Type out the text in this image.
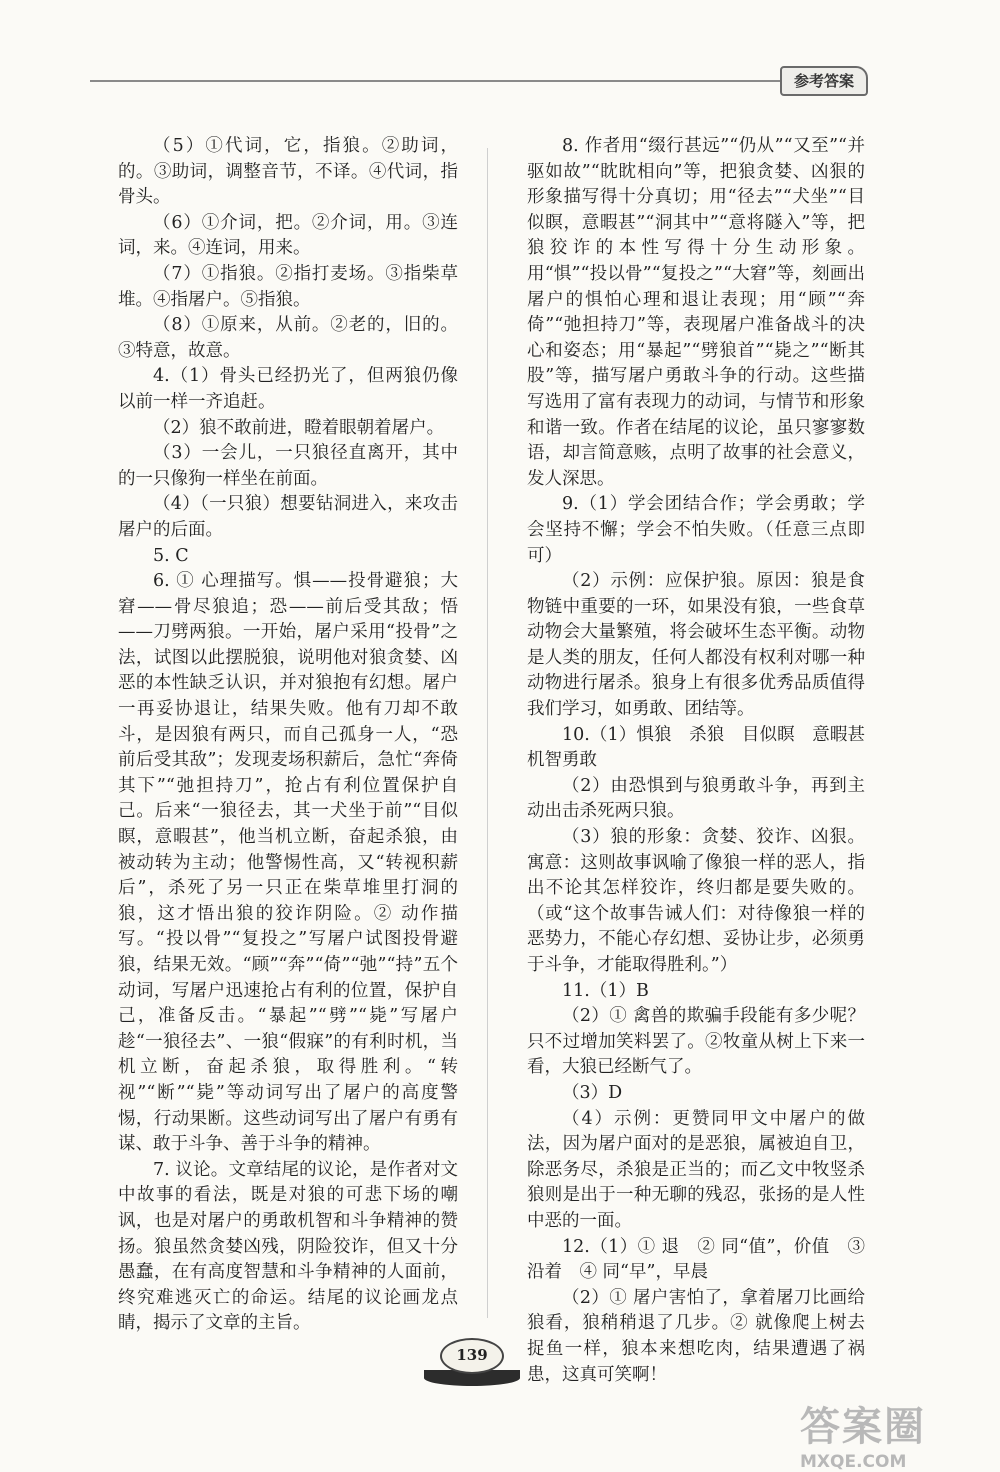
参考答案

（5）①代词，它，指狼。②助词，的。③助词，调整音节，不译。④代词，指骨头。

（6）①介词，把。②介词，用。③连词，来。④连词，用来。

（7）①指狼。②指打麦场。③指柴草堆。④指屠户。⑤指狼。

（8）①原来，从前。②老的，旧的。③特意，故意。

4.（1）骨头已经扔光了，但两狼仍像以前一样一齐追赶。

（2）狼不敢前进，瞪着眼朝着屠户。

（3）一会儿，一只狼径直离开，其中的一只像狗一样坐在前面。

（4）（一只狼）想要钻洞进入，来攻击屠户的后面。

5. C

6. ① 心理描写。惧——投骨避狼；大窘——骨尽狼追；恐——前后受其敌；悟——刀劈两狼。一开始，屠户采用“投骨”之法，试图以此摆脱狼，说明他对狼贪婪、凶恶的本性缺乏认识，并对狼抱有幻想。屠户一再妥协退让，结果失败。他有刀却不敢斗，是因狼有两只，而自己孤身一人，“恐前后受其敌”；发现麦场积薪后，急忙“奔倚其下”“弛担持刀”，抢占有利位置保护自己。后来“一狼径去，其一犬坐于前”“目似瞑，意暇甚”，他当机立断，奋起杀狼，由被动转为主动；他警惕性高，又“转视积薪后”，杀死了另一只正在柴草堆里打洞的狼，这才悟出狼的狡诈阴险。② 动作描写。“投以骨”“复投之”写屠户试图投骨避狼，结果无效。“顾”“奔”“倚”“弛”“持”五个动词，写屠户迅速抢占有利的位置，保护自己，准备反击。“暴起”“劈”“毙”写屠户趁“一狼径去”、一狼“假寐”的有利时机，当机立断，奋起杀狼，取得胜利。“转视”“断”“毙”等动词写出了屠户的高度警惕，行动果断。这些动词写出了屠户有勇有谋、敢于斗争、善于斗争的精神。

7. 议论。文章结尾的议论，是作者对文中故事的看法，既是对狼的可悲下场的嘲讽，也是对屠户的勇敢机智和斗争精神的赞扬。狼虽然贪婪凶残，阴险狡诈，但又十分愚蠢，在有高度智慧和斗争精神的人面前，终究难逃灭亡的命运。结尾的议论画龙点睛，揭示了文章的主旨。

8. 作者用“缀行甚远”“仍从”“又至”“并驱如故”“眈眈相向”等，把狼贪婪、凶狠的形象描写得十分真切；用“径去”“犬坐”“目似瞑，意暇甚”“洞其中”“意将隧入”等，把狼狡诈的本性写得十分生动形象。用“惧”“投以骨”“复投之”“大窘”等，刻画出屠户的惧怕心理和退让表现；用“顾”“奔倚”“弛担持刀”等，表现屠户准备战斗的决心和姿态；用“暴起”“劈狼首”“毙之”“断其股”等，描写屠户勇敢斗争的行动。这些描写选用了富有表现力的动词，与情节和形象和谐一致。作者在结尾的议论，虽只寥寥数语，却言简意赅，点明了故事的社会意义，发人深思。

9.（1）学会团结合作；学会勇敢；学会坚持不懈；学会不怕失败。（任意三点即可）

（2）示例：应保护狼。原因：狼是食物链中重要的一环，如果没有狼，一些食草动物会大量繁殖，将会破坏生态平衡。动物是人类的朋友，任何人都没有权利对哪一种动物进行屠杀。狼身上有很多优秀品质值得我们学习，如勇敢、团结等。

10.（1）惧狼　杀狼　目似瞑　意暇甚　机智勇敢

（2）由恐惧到与狼勇敢斗争，再到主动出击杀死两只狼。

（3）狼的形象：贪婪、狡诈、凶狠。寓意：这则故事讽喻了像狼一样的恶人，指出不论其怎样狡诈，终归都是要失败的。（或“这个故事告诫人们：对待像狼一样的恶势力，不能心存幻想、妥协让步，必须勇于斗争，才能取得胜利。”）

11.（1）B

（2）① 禽兽的欺骗手段能有多少呢？只不过增加笑料罢了。②牧童从树上下来一看，大狼已经断气了。

（3）D

（4）示例：更赞同甲文中屠户的做法，因为屠户面对的是恶狼，属被迫自卫，除恶务尽，杀狼是正当的；而乙文中牧竖杀狼则是出于一种无聊的残忍，张扬的是人性中恶的一面。

12.（1）① 退　② 同“值”，价值　③ 沿着　④ 同“早”，早晨

（2）① 屠户害怕了，拿着屠刀比画给狼看，狼稍稍退了几步。② 就像爬上树去捉鱼一样，狼本来想吃肉，结果遭遇了祸患，这真可笑啊！

139
答案圈
MXQE.COM
